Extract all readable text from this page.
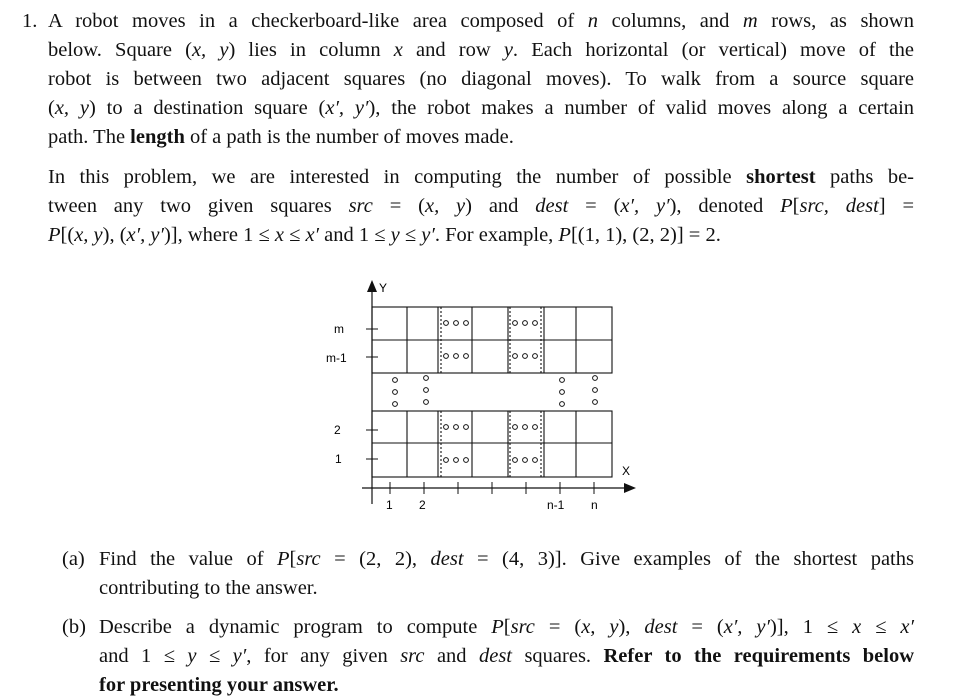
1. A robot moves in a checkerboard-like area composed of n columns, and m rows, as shown
below. Square (x, y) lies in column x and row y. Each horizontal (or vertical) move of the
robot is between two adjacent squares (no diagonal moves). To walk from a source square
(x, y) to a destination square (x′, y′), the robot makes a number of valid moves along a certain
path. The length of a path is the number of moves made.
In this problem, we are interested in computing the number of possible shortest paths be-
tween any two given squares src = (x, y) and dest = (x′, y′), denoted P[src, dest] =
P[(x, y), (x′, y′)], where 1 ≤ x ≤ x′ and 1 ≤ y ≤ y′. For example, P[(1, 1), (2, 2)] = 2.
Y
X
m
m-1
2
1
1 2	n-1 n
(a) Find the value of P[src = (2, 2), dest = (4, 3)]. Give examples of the shortest paths
contributing to the answer.
(b) Describe a dynamic program to compute P[src = (x, y), dest = (x′, y′)], 1 ≤ x ≤ x′
and 1 ≤ y ≤ y′, for any given src and dest squares. Refer to the requirements below
for presenting your answer.
